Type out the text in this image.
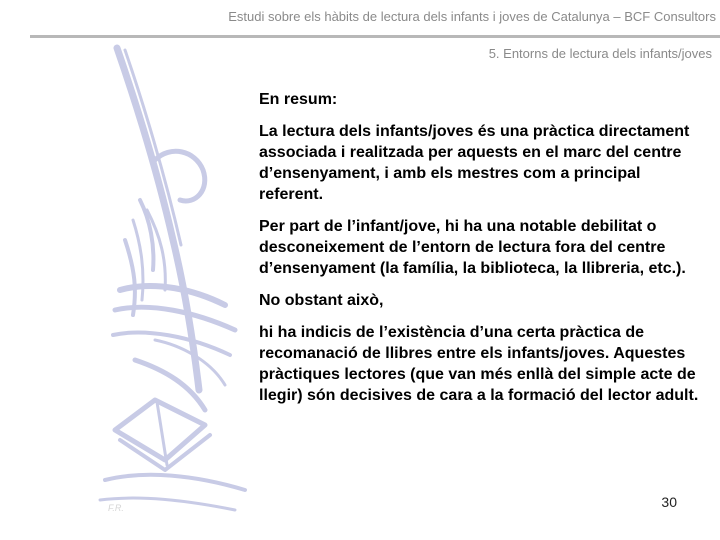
Estudi sobre els hàbits de lectura dels infants i joves de Catalunya – BCF Consultors
5. Entorns de lectura dels infants/joves

En resum:

La lectura dels infants/joves és una pràctica directament associada i realitzada per aquests en el marc del centre d’ensenyament, i amb els mestres com a principal referent.

Per part de l’infant/jove, hi ha una notable debilitat o desconeixement de l’entorn de lectura fora del centre d’ensenyament (la família, la biblioteca, la llibreria, etc.).

No obstant això,

hi ha indicis de l’existència d’una certa pràctica de recomanació de llibres entre els infants/joves. Aquestes pràctiques lectores (que van més enllà del simple acte de llegir) són decisives de cara a la formació del lector adult.

F.R.	30
